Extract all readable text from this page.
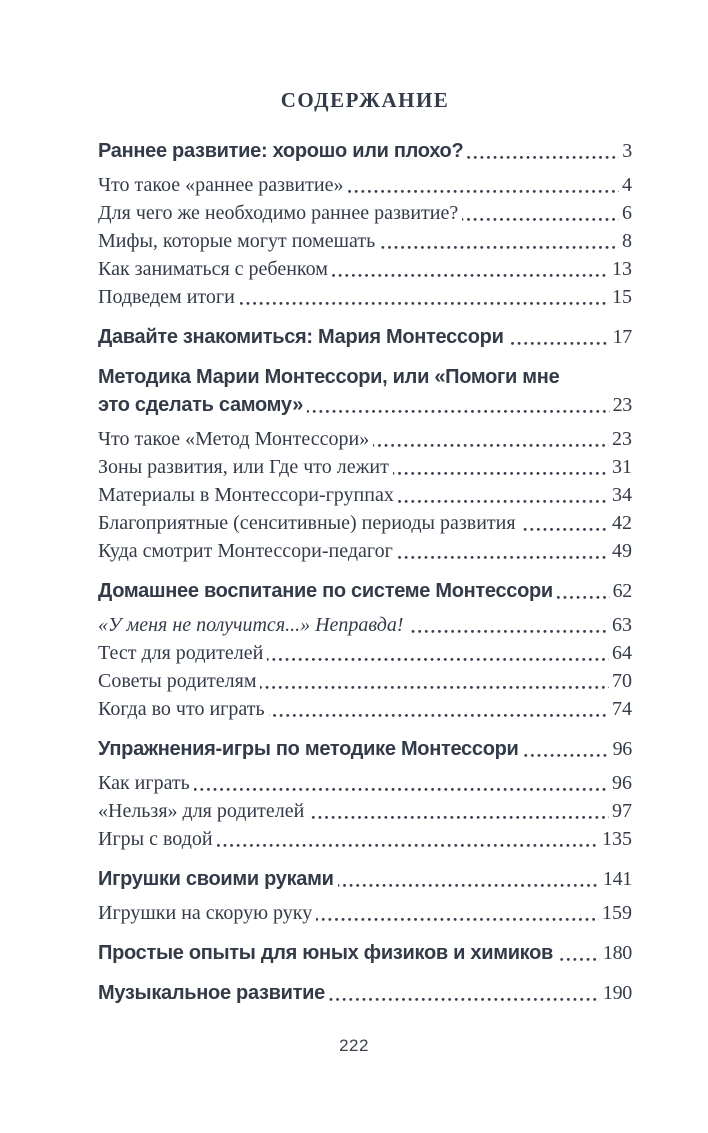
СОДЕРЖАНИЕ
Раннее развитие: хорошо или плохо?	3
Что такое «раннее развитие»	4
Для чего же необходимо раннее развитие?	6
Мифы, которые могут помешать	8
Как заниматься с ребенком	13
Подведем итоги	15
Давайте знакомиться: Мария Монтессори	17
Методика Марии Монтессори, или «Помоги мне
это сделать самому»	23
Что такое «Метод Монтессори»	23
Зоны развития, или Где что лежит	31
Материалы в Монтессори-группах	34
Благоприятные (сенситивные) периоды развития	42
Куда смотрит Монтессори-педагог	49
Домашнее воспитание по системе Монтессори	62
«У меня не получится...» Неправда!	63
Тест для родителей	64
Советы родителям	70
Когда во что играть	74
Упражнения-игры по методике Монтессори	96
Как играть	96
«Нельзя» для родителей	97
Игры с водой	135
Игрушки своими руками	141
Игрушки на скорую руку	159
Простые опыты для юных физиков и химиков 180
Музыкальное развитие	190
222
